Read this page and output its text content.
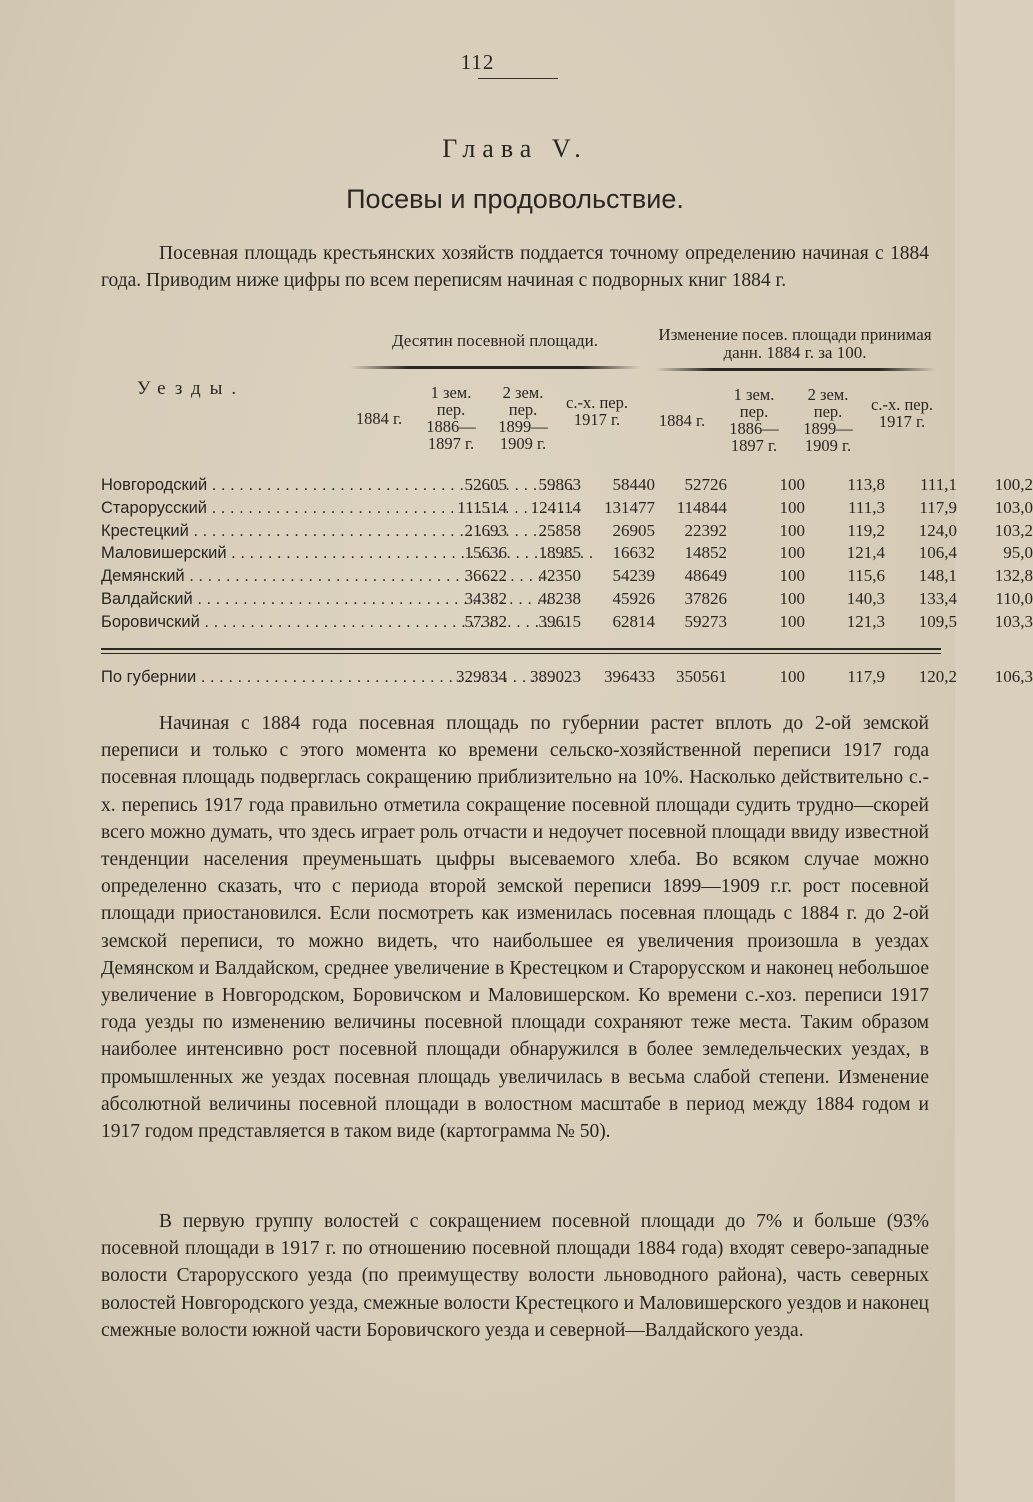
112
Глава V.
Посевы и продовольствие.
Посевная площадь крестьянских хозяйств поддается точному определению начиная с 1884 года. Приводим ниже цифры по всем переписям начиная с подворных книг 1884 г.
Десятин посевной площади.	Изменение посев. площади принимая данн. 1884 г. за 100.
Уезды.
1884 г.
1 зем. пер. 1886— 1897 г.
2 зем. пер. 1899— 1909 г.
с.-х. пер. 1917 г.	1884 г.
1 зем. пер. 1886— 1897 г.
2 зем. пер. 1899— 1909 г.
с.-х. пер. 1917 г.
Новгородский . . .	52605	59863	58440	52726	100	113,8	111,1	100,2
Старорусский . . .	111514	124114	131477	114844	100	111,3	117,9	103,0
Крестецкий . . .	21693	25858	26905	22392	100	119,2	124,0	103,2
Маловишерский . . .	15636	18985	16632	14852	100	121,4	106,4	95,0
Демянский . . .	36622	42350	54239	48649	100	115,6	148,1	132,8
Валдайский . . .	34382	48238	45926	37826	100	140,3	133,4	110,0
Боровичский . . .	57382	39615	62814	59273	100	121,3	109,5	103,3
По губернии . . .	329834	389023	396433	350561	100	117,9	120,2	106,3
Начиная с 1884 года посевная площадь по губернии растет вплоть до 2-ой земской переписи и только с этого момента ко времени сельско-хозяйственной переписи 1917 года посевная площадь подверглась сокращению приблизительно на 10%. Насколько действительно с.-х. перепись 1917 года правильно отметила сокращение посевной площади судить трудно—скорей всего можно думать, что здесь играет роль отчасти и недоучет посевной площади ввиду известной тенденции населения преуменьшать цыфры высеваемого хлеба. Во всяком случае можно определенно сказать, что с периода второй земской переписи 1899—1909 г.г. рост посевной площади приостановился. Если посмотреть как изменилась посевная площадь с 1884 г. до 2-ой земской переписи, то можно видеть, что наибольшее ея увеличения произошла в уездах Демянском и Валдайском, среднее увеличение в Крестецком и Старорусском и наконец небольшое увеличение в Новгородском, Боровичском и Маловишерском. Ко времени с.-хоз. переписи 1917 года уезды по изменению величины посевной площади сохраняют теже места. Таким образом наиболее интенсивно рост посевной площади обнаружился в более земледельческих уездах, в промышленных же уездах посевная площадь увеличилась в весьма слабой степени. Изменение абсолютной величины посевной площади в волостном масштабе в период между 1884 годом и 1917 годом представляется в таком виде (картограмма № 50).
В первую группу волостей с сокращением посевной площади до 7% и больше (93% посевной площади в 1917 г. по отношению посевной площади 1884 года) входят северо-западные волости Старорусского уезда (по преимуществу волости льноводного района), часть северных волостей Новгородского уезда, смежные волости Крестецкого и Маловишерского уездов и наконец смежные волости южной части Боровичского уезда и северной—Валдайского уезда.
